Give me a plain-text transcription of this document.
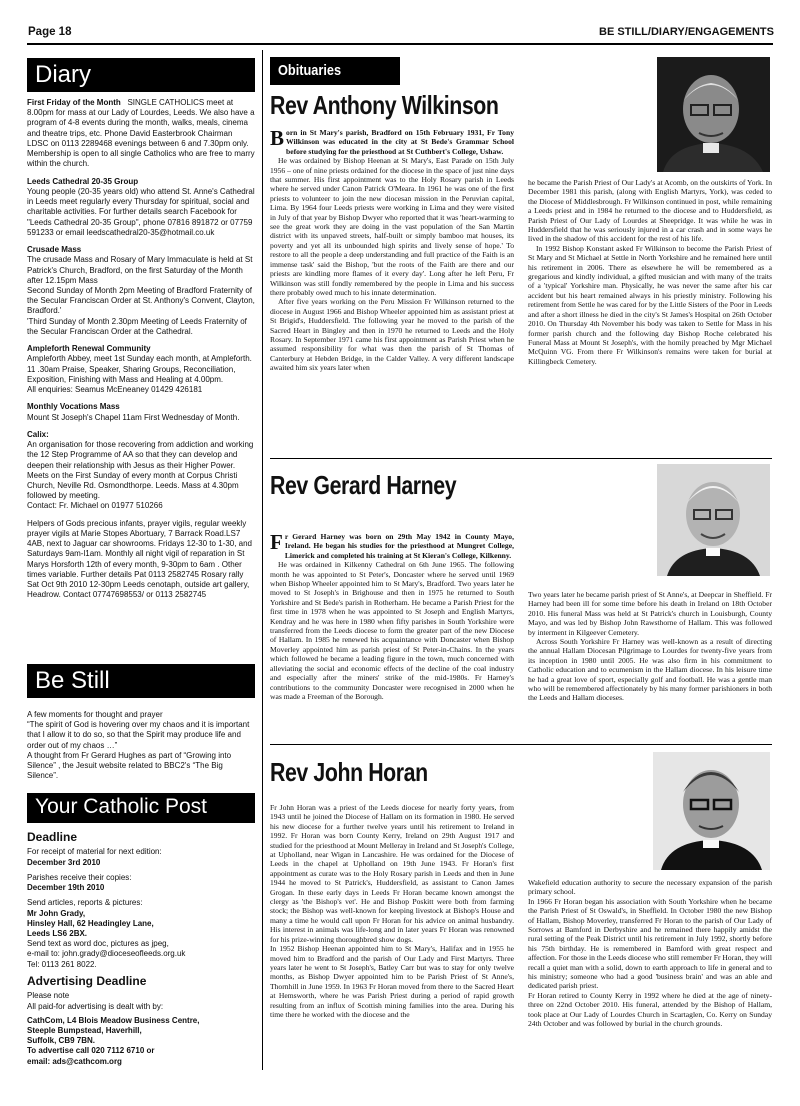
Page 18	BE STILL/DIARY/ENGAGEMENTS
Diary

First Friday of the Month SINGLE CATHOLICS meet at 8.00pm for mass at our Lady of Lourdes, Leeds. We also have a program of 4-8 events during the month, walks, meals, cinema and theatre trips, etc. Phone David Easterbrook Chairman LDSC on 0113 2289468 evenings between 6 and 7.30pm only. Membership is open to all single Catholics who are free to marry within the church.

Leeds Cathedral 20-35 Group
Young people (20-35 years old) who attend St. Anne's Cathedral in Leeds meet regularly every Thursday for spiritual, social and charitable activities. For further details search Facebook for "Leeds Cathedral 20-35 Group", phone 07816 891872 or 07759 591233 or email leedscathedral20-35@hotmail.co.uk

Crusade Mass
The crusade Mass and Rosary of Mary Immaculate is held at St Patrick's Church, Bradford, on the first Saturday of the Month after 12.15pm Mass
Second Sunday of Month 2pm Meeting of Bradford Fraternity of the Secular Franciscan Order at St. Anthony's Convent, Clayton, Bradford.'
'Third Sunday of Month 2.30pm Meeting of Leeds Fraternity of the Secular Franciscan Order at the Cathedral.

Ampleforth Renewal Community
Ampleforth Abbey, meet 1st Sunday each month, at Ampleforth. 11 .30am Praise, Speaker, Sharing Groups, Reconciliation, Exposition, Finishing with Mass and Healing at 4.00pm.
All enquiries: Seamus McEneaney 01429 426181

Monthly Vocations Mass
Mount St Joseph's Chapel 11am First Wednesday of Month.

Calix:
An organisation for those recovering from addiction and working the 12 Step Programme of AA so that they can develop and deepen their relationship with Jesus as their Higher Power.
Meets on the First Sunday of every month at Corpus Christi Church, Neville Rd. Osmondthorpe. Leeds. Mass at 4.30pm followed by meeting.
Contact: Fr. Michael on 01977 510266

Helpers of Gods precious infants, prayer vigils, regular weekly prayer vigils at Marie Stopes Abortuary, 7 Barrack Road.LS7 4AB, next to Jaguar car showrooms. Fridays 12-30 to 1-30, and Saturdays 9am-l1am. Monthly all night vigil of reparation in St Marys Horsforth 12th of every month, 9-30pm to 6am . Other times variable. Further details Pat 0113 2582745 Rosary rally Sat Oct 9th 2010 12-30pm Leeds cenotaph, outside art gallery, Headrow. Contact 07747698553/ or 0113 2582745

Be Still
A few moments for thought and prayer
“The spirit of God is hovering over my chaos and it is important that I allow it to do so, so that the Spirit may produce life and order out of my chaos …”
A thought from Fr Gerard Hughes as part of “Growing into Silence” , the Jesuit website related to BBC2's “The Big Silence”.
Your Catholic Post
Deadline
For receipt of material for next edition:
December 3rd 2010
Parishes receive their copies:
December 19th 2010
Send articles, reports & pictures:
Mr John Grady,
Hinsley Hall, 62 Headingley Lane,
Leeds LS6 2BX.
Send text as word doc, pictures as jpeg,
e-mail to: john.grady@dioceseofleeds.org.uk
Tel: 0113 261 8022.
Advertising Deadline
Please note
All paid-for advertising is dealt with by:
CathCom, L4 Blois Meadow Business Centre,
Steeple Bumpstead, Haverhill,
Suffolk, CB9 7BN.
To advertise call 020 7112 6710 or
email: ads@cathcom.org
Obituaries
Rev Anthony Wilkinson

Born in St Mary's parish, Bradford on 15th February 1931, Fr Tony Wilkinson was educated in the city at St Bede's Grammar School before studying for the priesthood at St Cuthbert's College, Ushaw.

He was ordained by Bishop Heenan at St Mary's, East Parade on 15th July 1956 – one of nine priests ordained for the diocese in the space of just nine days that summer. His first appointment was to the Holy Rosary parish in Leeds where he served under Canon Patrick O'Meara. In 1961 he was one of the first priests to volunteer to join the new diocesan mission in the Peruvian capital, Lima. By 1964 four Leeds priests were working in Lima and they were visited in July of that year by Bishop Dwyer who reported that it was 'heart-warming to see the great work they are doing in the vast population of the San Martin district with its unpaved streets, half-built or simply bamboo mat houses, its poverty and yet all its unbounded high spirits and lively sense of hope.' To restore to all the people a deep understanding and full practice of the Faith is an immense task' said the Bishop, 'but the roots of the Faith are there and our priests are kindling more flames of it every day'. Long after he left Peru, Fr Wilkinson was still fondly remembered by the people in Lima and his success there probably owed much to his innate determination.

After five years working on the Peru Mission Fr Wilkinson returned to the diocese in August 1966 and Bishop Wheeler appointed him as assistant priest at St Brigid's, Huddersfield. The following year he moved to the parish of the Sacred Heart in Bingley and then in 1970 he returned to Leeds and the Holy Rosary. In September 1971 came his first appointment as Parish Priest when he assumed responsibility for what was then the parish of St Thomas of Canterbury at Hebden Bridge, in the Calder Valley. A very different landscape awaited him six years later when

he became the Parish Priest of Our Lady's at Acomb, on the outskirts of York. In December 1981 this parish, (along with English Martyrs, York), was ceded to the Diocese of Middlesbrough. Fr Wilkinson continued in post, while remaining a Leeds priest and in 1984 he returned to the diocese and to Huddersfield, as Parish Priest of Our Lady of Lourdes at Sheepridge. It was while he was in Huddersfield that he was seriously injured in a car crash and in some ways he lived in the shadow of this accident for the rest of his life.

In 1992 Bishop Konstant asked Fr Wilkinson to become the Parish Priest of St Mary and St Michael at Settle in North Yorkshire and he remained here until his retirement in 2006. There as elsewhere he will be remembered as a gregarious and kindly individual, a gifted musician and with many of the traits of a 'typical' Yorkshire man. Physically, he was never the same after his car accident but his heart remained always in his priestly ministry. Following his retirement from Settle he was cared for by the Little Sisters of the Poor in Leeds and after a short illness he died in the city's St James's Hospital on 26th October 2010. On Thursday 4th November his body was taken to Settle for Mass in his former parish church and the following day Bishop Roche celebrated his Funeral Mass at Mount St Joseph's, with the homily preached by Mgr Michael McQuinn VG. From there Fr Wilkinson's remains were taken for burial at Killingbeck Cemetery.

Rev Gerard Harney

Fr Gerard Harney was born on 29th May 1942 in County Mayo, Ireland. He began his studies for the priesthood at Mungret College, Limerick and completed his training at St Kieran's College, Kilkenny.

He was ordained in Kilkenny Cathedral on 6th June 1965. The following month he was appointed to St Peter's, Doncaster where he served until 1969 when Bishop Wheeler appointed him to St Mary's, Bradford. Two years later he moved to St Joseph's in Brighouse and then in 1975 he returned to South Yorkshire and St Bede's parish in Rotherham. He became a Parish Priest for the first time in 1978 when he was appointed to St Joseph and English Martyrs, Kendray and he was here in 1980 when fifty parishes in South Yorkshire were transferred from the Leeds diocese to form the greater part of the new Diocese of Hallam. In 1985 he renewed his acquaintance with Doncaster when Bishop Moverley appointed him as parish priest of St Peter-in-Chains. In the years which followed he became a leading figure in the town, much concerned with alleviating the social and economic effects of the decline of the coal industry and especially after the miners' strike of the mid-1980s. Fr Harney's contributions to the community Doncaster were recognised in 2000 when he was made a Freeman of the Borough.

Two years later he became parish priest of St Anne's, at Deepcar in Sheffield. Fr Harney had been ill for some time before his death in Ireland on 18th October 2010. His funeral Mass was held at St Patrick's church in Louisburgh, County Mayo, and was led by Bishop John Rawsthorne of Hallam. This was followed by interment in Kilgeever Cemetery.

Across South Yorkshire Fr Harney was well-known as a result of directing the annual Hallam Diocesan Pilgrimage to Lourdes for twenty-five years from its inception in 1980 until 2005. He was also firm in his commitment to Catholic education and to ecumenism in the Hallam diocese. In his leisure time he had a great love of sport, especially golf and football. He was a gentle man who will be remembered affectionately by his many former parishioners in both the Leeds and Hallam dioceses.

Rev John Horan

Fr John Horan was a priest of the Leeds diocese for nearly forty years, from 1943 until he joined the Diocese of Hallam on its formation in 1980. He served his new diocese for a further twelve years until his retirement to Ireland in 1992. Fr Horan was born County Kerry, Ireland on 29th August 1917 and studied for the priesthood at Mount Melleray in Ireland and St Joseph's College, at Upholland, near Wigan in Lancashire. He was ordained for the Diocese of Leeds in the chapel at Upholland on 19th June 1943. Fr Horan's first appointment as curate was to the Holy Rosary parish in Leeds and then in June 1944 he moved to St Patrick's, Huddersfield, as assistant to Canon James Grogan. In these early days in Leeds Fr Horan became known amongst the clergy as 'the Bishop's vet'. He and Bishop Poskitt were both from farming stock; the Bishop was well-known for keeping livestock at Bishop's House and many a time he would call upon Fr Horan for his advice on animal husbandry. His interest in animals was life-long and in later years Fr Horan was renowned for his prize-winning thoroughbred show dogs.

In 1952 Bishop Heenan appointed him to St Mary's, Halifax and in 1955 he moved him to Bradford and the parish of Our Lady and First Martyrs. Three years later he went to St Joseph's, Batley Carr but was to stay for only twelve months, as Bishop Dwyer appointed him to be Parish Priest of St Anne's, Thornhill in June 1959. In 1963 Fr Horan moved from there to the Sacred Heart at Hemsworth, where he was Parish Priest during a period of rapid growth resulting from an influx of Scottish mining families into the area. During his time there he worked with the diocese and the

Wakefield education authority to secure the necessary expansion of the parish primary school.

In 1966 Fr Horan began his association with South Yorkshire when he became the Parish Priest of St Oswald's, in Sheffield. In October 1980 the new Bishop of Hallam, Bishop Moverley, transferred Fr Horan to the parish of Our Lady of Sorrows at Bamford in Derbyshire and he remained there happily amidst the rural setting of the Peak District until his retirement in July 1992, shortly before his 75th birthday. He is remembered in Bamford with great respect and affection. For those in the Leeds diocese who still remember Fr Horan, they will recall a quiet man with a solid, down to earth approach to life in general and to his ministry; someone who had a good 'business brain' and was an able and dedicated parish priest.

Fr Horan retired to County Kerry in 1992 where he died at the age of ninety-three on 22nd October 2010. His funeral, attended by the Bishop of Hallam, took place at Our Lady of Lourdes Church in Scartaglen, Co. Kerry on Sunday 24th October and was followed by burial in the church grounds.
